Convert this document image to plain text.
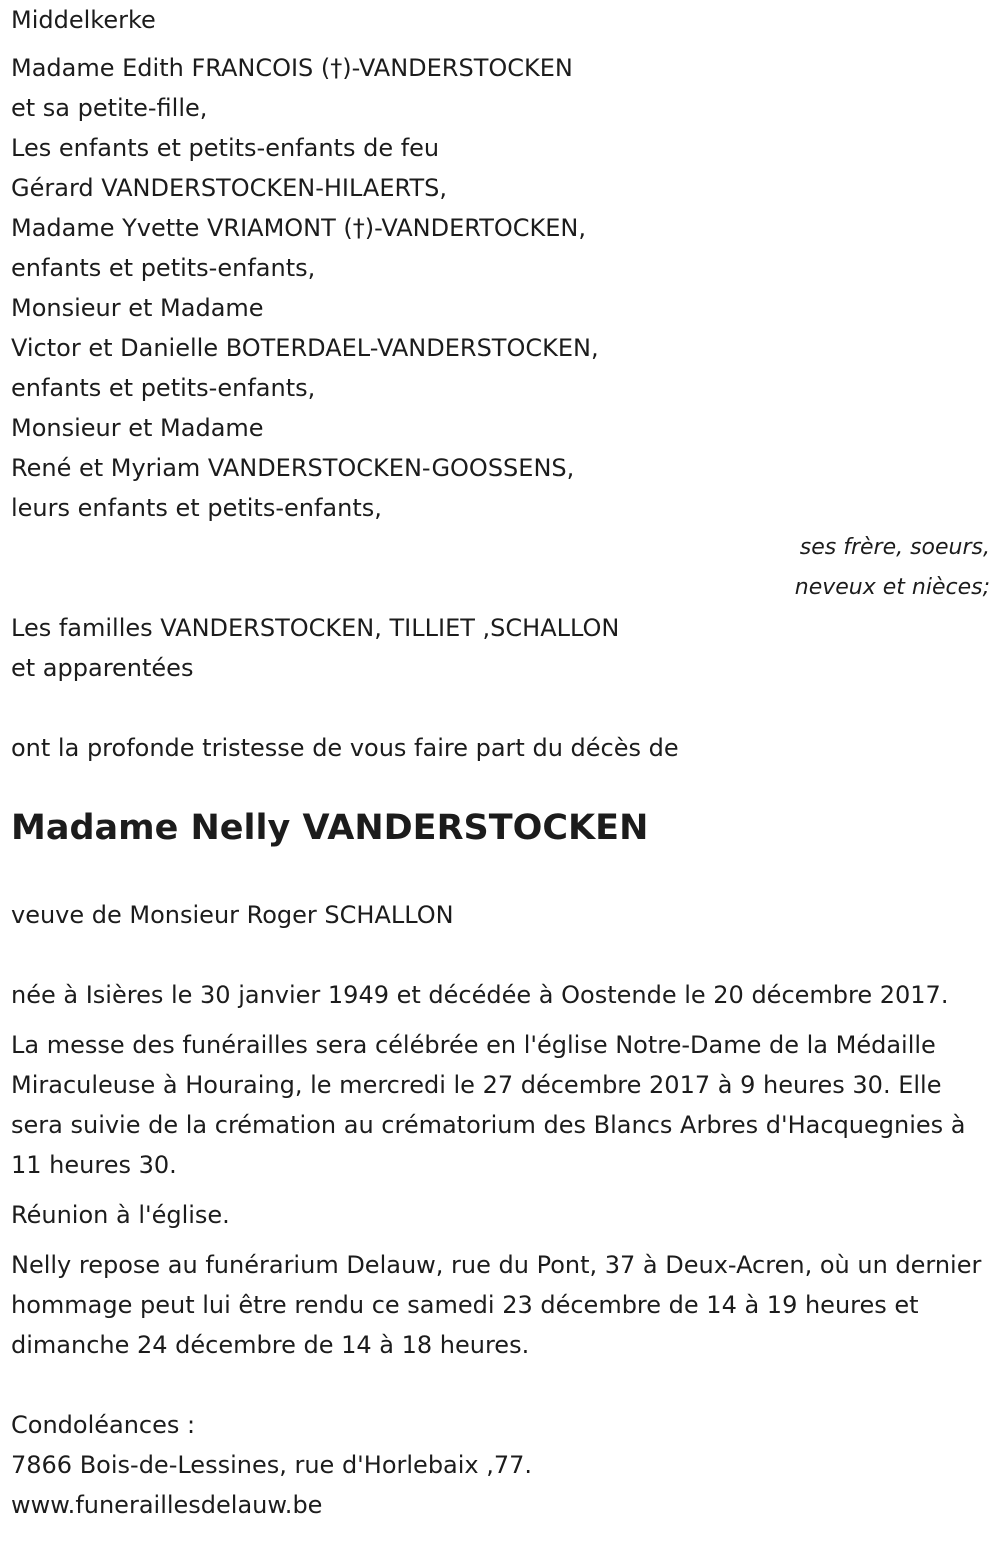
Middelkerke
Madame Edith FRANCOIS (†)-VANDERSTOCKEN
et sa petite-fille,
Les enfants et petits-enfants de feu
Gérard VANDERSTOCKEN-HILAERTS,
Madame Yvette VRIAMONT (†)-VANDERTOCKEN,
enfants et petits-enfants,
Monsieur et Madame
Victor et Danielle BOTERDAEL-VANDERSTOCKEN,
enfants et petits-enfants,
Monsieur et Madame
René et Myriam VANDERSTOCKEN-GOOSSENS,
leurs enfants et petits-enfants,
ses frère, soeurs,
neveux et nièces;
Les familles VANDERSTOCKEN, TILLIET ,SCHALLON
et apparentées
ont la profonde tristesse de vous faire part du décès de
Madame Nelly VANDERSTOCKEN
veuve de Monsieur Roger SCHALLON
née à Isières le 30 janvier 1949 et décédée à Oostende le 20 décembre 2017.
La messe des funérailles sera célébrée en l'église Notre-Dame de la Médaille Miraculeuse à Houraing, le mercredi le 27 décembre 2017 à 9 heures 30. Elle sera suivie de la crémation au crématorium des Blancs Arbres d'Hacquegnies à 11 heures 30.
Réunion à l'église.
Nelly repose au funérarium Delauw, rue du Pont, 37 à Deux-Acren, où un dernier hommage peut lui être rendu ce samedi 23 décembre de 14 à 19 heures et dimanche 24 décembre de 14 à 18 heures.
Condoléances :
7866 Bois-de-Lessines, rue d'Horlebaix ,77.
www.funeraillesdelauw.be
